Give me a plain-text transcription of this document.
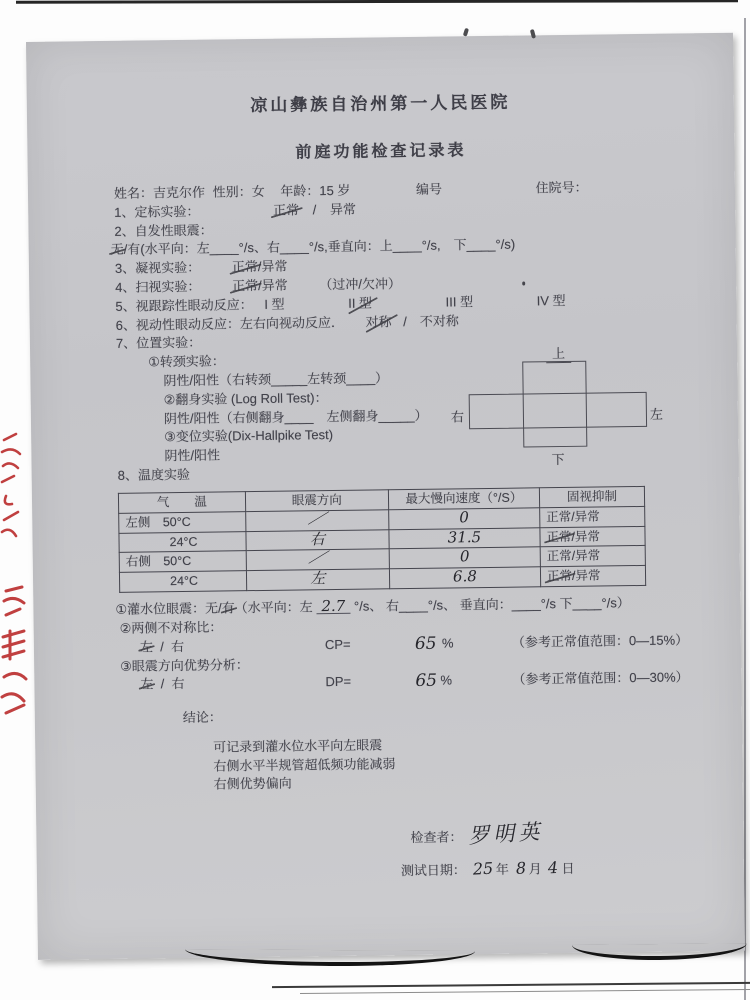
凉山彝族自治州第一人民医院
前庭功能检查记录表
姓名：吉克尔作 性别：女 年龄：15 岁	编号	住院号：
1、定标实验：	正常 / 异常
2、自发性眼震：
无/有(水平向：左____°/s、右____°/s,垂直向：上____°/s,　下____°/s)
3、凝视实验： 正常/异常
4、扫视实验： 正常/异常 （过冲/欠冲）
5、视跟踪性眼动反应： I 型	II 型	III 型	IV 型
6、视动性眼动反应：左右向视动反应． 对称 /　不对称
7、位置实验：
①转颈实验：
阴性/阳性（右转颈_____左转颈____）
②翻身实验 (Log Roll Test)：
阴性/阳性（右侧翻身____　左侧翻身_____）
③变位实验(Dix-Hallpike Test)
阴性/阳性
8、温度实验
气　　温	眼震方向	最大慢向速度（°/S）	固视抑制
左侧　50°C	／	0	正常/异常
24°C	右	31.5	正常/异常
右侧　50°C	／	0	正常/异常
24°C	左	6.8	正常/异常
①灌水位眼震：无/有（水平向：左 2.7 °/s、 右____°/s、 垂直向：____°/s 下____°/s）
②两侧不对称比：
左 / 右	CP=	65 %	（参考正常值范围：0—15%）
③眼震方向优势分析：
左 / 右	DP=	65 %	（参考正常值范围：0—30%）
结论：
可记录到灌水位水平向左眼震
右侧水平半规管超低频功能减弱
右侧优势偏向
检查者： 罗明英
测试日期： 25 年 8 月 4 日
上
右	左
下
